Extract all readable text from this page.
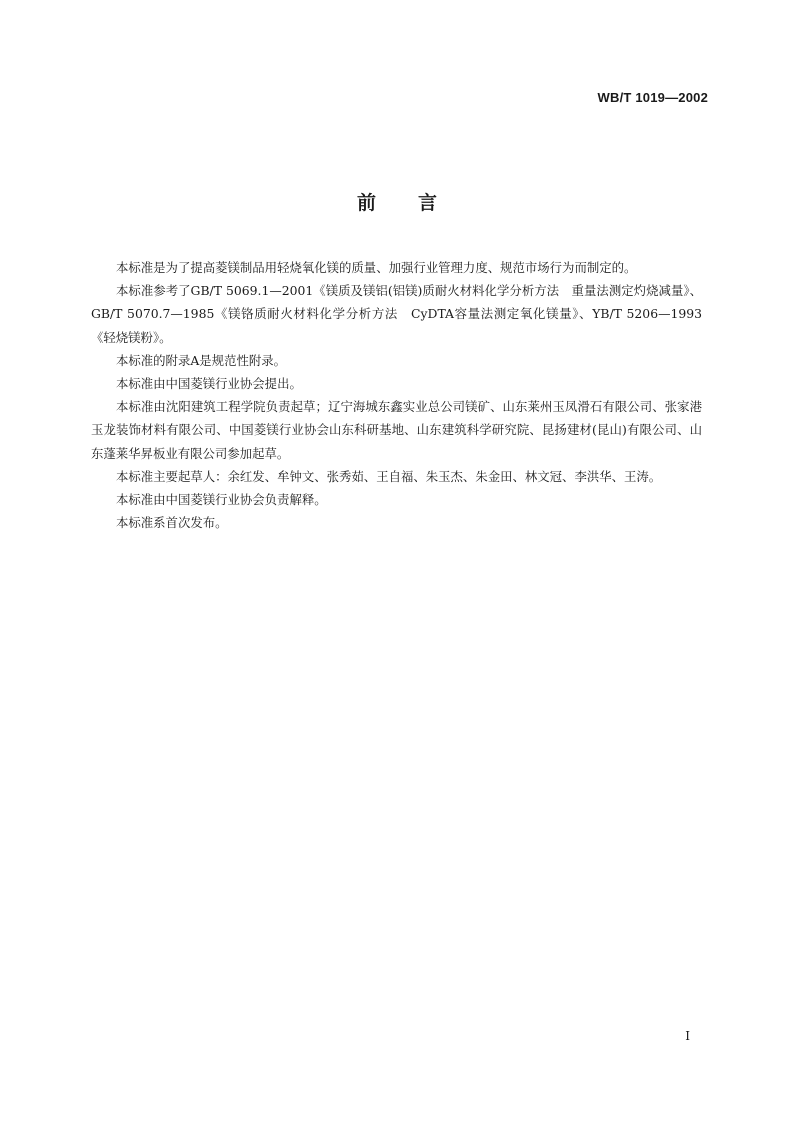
WB/T 1019—2002
前言

本标准是为了提高菱镁制品用轻烧氧化镁的质量、加强行业管理力度、规范市场行为而制定的。

本标准参考了GB/T 5069.1—2001《镁质及镁铝(铝镁)质耐火材料化学分析方法　重量法测定灼烧减量》、GB/T 5070.7—1985《镁铬质耐火材料化学分析方法　CyDTA容量法测定氧化镁量》、YB/T 5206—1993《轻烧镁粉》。

本标准的附录A是规范性附录。

本标准由中国菱镁行业协会提出。

本标准由沈阳建筑工程学院负责起草；辽宁海城东鑫实业总公司镁矿、山东莱州玉凤滑石有限公司、张家港玉龙装饰材料有限公司、中国菱镁行业协会山东科研基地、山东建筑科学研究院、昆扬建材(昆山)有限公司、山东蓬莱华昇板业有限公司参加起草。

本标准主要起草人：余红发、牟钟文、张秀茹、王自福、朱玉杰、朱金田、林文冠、李洪华、王涛。

本标准由中国菱镁行业协会负责解释。

本标准系首次发布。

I
